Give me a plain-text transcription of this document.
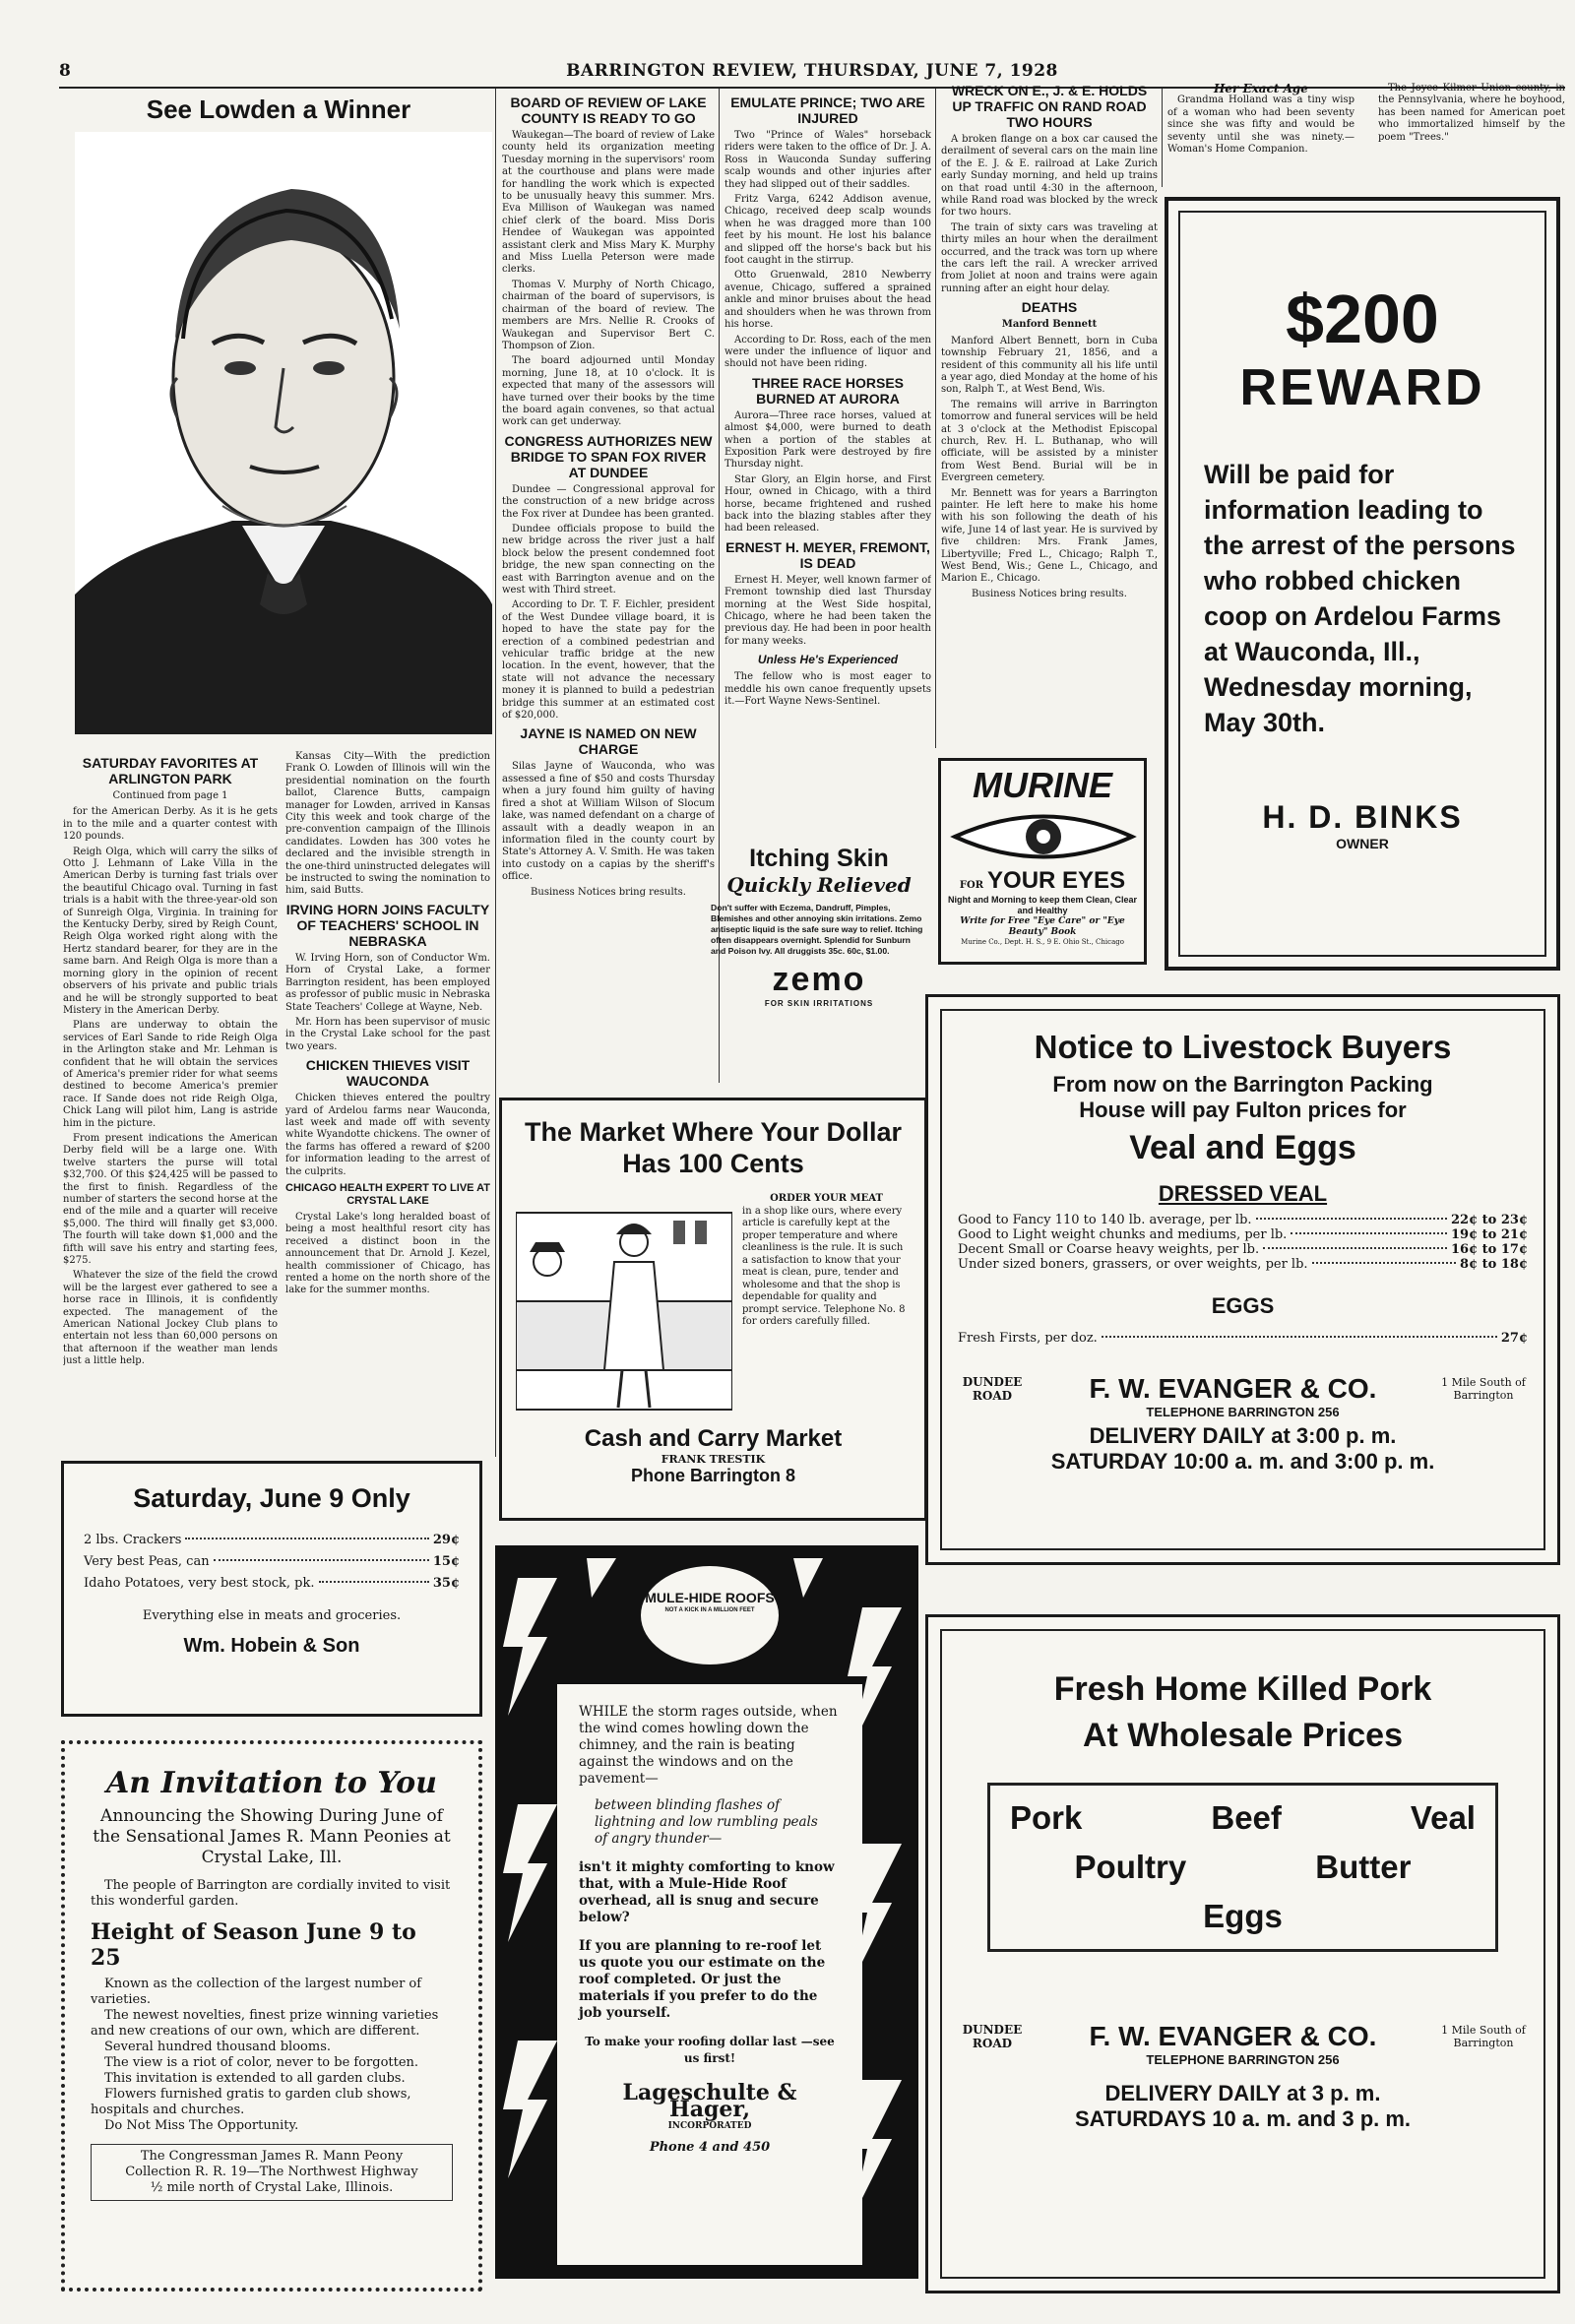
8	BARRINGTON REVIEW, THURSDAY, JUNE 7, 1928
See Lowden a Winner
SATURDAY FAVORITES AT ARLINGTON PARK
Continued from page 1

for the American Derby. As it is he gets in to the mile and a quarter contest with 120 pounds.

Reigh Olga, which will carry the silks of Otto J. Lehmann of Lake Villa in the American Derby is turning fast trials over the beautiful Chicago oval. Turning in fast trials is a habit with the three-year-old son of Sunreigh Olga, Virginia. In training for the Kentucky Derby, sired by Reigh Count, Reigh Olga worked right along with the Hertz standard bearer, for they are in the same barn. And Reigh Olga is more than a morning glory in the opinion of recent observers of his private and public trials and he will be strongly supported to beat Mistery in the American Derby.

Plans are underway to obtain the services of Earl Sande to ride Reigh Olga in the Arlington stake and Mr. Lehman is confident that he will obtain the services of America's premier rider for what seems destined to become America's premier race. If Sande does not ride Reigh Olga, Chick Lang will pilot him, Lang is astride him in the picture.

From present indications the American Derby field will be a large one. With twelve starters the purse will total $32,700. Of this $24,425 will be passed to the first to finish. Regardless of the number of starters the second horse at the end of the mile and a quarter will receive $5,000. The third will finally get $3,000. The fourth will take down $1,000 and the fifth will save his entry and starting fees, $275.

Whatever the size of the field the crowd will be the largest ever gathered to see a horse race in Illinois, it is confidently expected. The management of the American National Jockey Club plans to entertain not less than 60,000 persons on that afternoon if the weather man lends just a little help.

Kansas City—With the prediction Frank O. Lowden of Illinois will win the presidential nomination on the fourth ballot, Clarence Butts, campaign manager for Lowden, arrived in Kansas City this week and took charge of the pre-convention campaign of the Illinois candidates. Lowden has 300 votes he declared and the invisible strength in the one-third uninstructed delegates will be instructed to swing the nomination to him, said Butts.

IRVING HORN JOINS FACULTY OF TEACHERS' SCHOOL IN NEBRASKA

W. Irving Horn, son of Conductor Wm. Horn of Crystal Lake, a former Barrington resident, has been employed as professor of public music in Nebraska State Teachers' College at Wayne, Neb.

Mr. Horn has been supervisor of music in the Crystal Lake school for the past two years.

CHICKEN THIEVES VISIT WAUCONDA

Chicken thieves entered the poultry yard of Ardelou farms near Wauconda, last week and made off with seventy white Wyandotte chickens. The owner of the farms has offered a reward of $200 for information leading to the arrest of the culprits.

CHICAGO HEALTH EXPERT TO LIVE AT CRYSTAL LAKE

Crystal Lake's long heralded boast of being a most healthful resort city has received a distinct boon in the announcement that Dr. Arnold J. Kezel, health commissioner of Chicago, has rented a home on the north shore of the lake for the summer months.

BOARD OF REVIEW OF LAKE COUNTY IS READY TO GO

Waukegan—The board of review of Lake county held its organization meeting Tuesday morning in the supervisors' room at the courthouse and plans were made for handling the work which is expected to be unusually heavy this summer. Mrs. Eva Millison of Waukegan was named chief clerk of the board. Miss Doris Hendee of Waukegan was appointed assistant clerk and Miss Mary K. Murphy and Miss Luella Peterson were made clerks.

Thomas V. Murphy of North Chicago, chairman of the board of supervisors, is chairman of the board of review. The members are Mrs. Nellie R. Crooks of Waukegan and Supervisor Bert C. Thompson of Zion.

The board adjourned until Monday morning, June 18, at 10 o'clock. It is expected that many of the assessors will have turned over their books by the time the board again convenes, so that actual work can get underway.

CONGRESS AUTHORIZES NEW BRIDGE TO SPAN FOX RIVER AT DUNDEE

Dundee — Congressional approval for the construction of a new bridge across the Fox river at Dundee has been granted.

Dundee officials propose to build the new bridge across the river just a half block below the present condemned foot bridge, the new span connecting on the east with Barrington avenue and on the west with Third street.

According to Dr. T. F. Eichler, president of the West Dundee village board, it is hoped to have the state pay for the erection of a combined pedestrian and vehicular traffic bridge at the new location. In the event, however, that the state will not advance the necessary money it is planned to build a pedestrian bridge this summer at an estimated cost of $20,000.

JAYNE IS NAMED ON NEW CHARGE

Silas Jayne of Wauconda, who was assessed a fine of $50 and costs Thursday when a jury found him guilty of having fired a shot at William Wilson of Slocum lake, was named defendant on a charge of assault with a deadly weapon in an information filed in the county court by State's Attorney A. V. Smith. He was taken into custody on a capias by the sheriff's office.

Business Notices bring results.
EMULATE PRINCE; TWO ARE INJURED

Two "Prince of Wales" horseback riders were taken to the office of Dr. J. A. Ross in Wauconda Sunday suffering scalp wounds and other injuries after they had slipped out of their saddles.

Fritz Varga, 6242 Addison avenue, Chicago, received deep scalp wounds when he was dragged more than 100 feet by his mount. He lost his balance and slipped off the horse's back but his foot caught in the stirrup.

Otto Gruenwald, 2810 Newberry avenue, Chicago, suffered a sprained ankle and minor bruises about the head and shoulders when he was thrown from his horse.

According to Dr. Ross, each of the men were under the influence of liquor and should not have been riding.

THREE RACE HORSES BURNED AT AURORA

Aurora—Three race horses, valued at almost $4,000, were burned to death when a portion of the stables at Exposition Park were destroyed by fire Thursday night.

Star Glory, an Elgin horse, and First Hour, owned in Chicago, with a third horse, became frightened and rushed back into the blazing stables after they had been released.

ERNEST H. MEYER, FREMONT, IS DEAD

Ernest H. Meyer, well known farmer of Fremont township died last Thursday morning at the West Side hospital, Chicago, where he had been taken the previous day. He had been in poor health for many weeks.

Unless He's Experienced

The fellow who is most eager to meddle his own canoe frequently upsets it.—Fort Wayne News-Sentinel.

Itching Skin
Quickly Relieved
Don't suffer with Eczema, Dandruff, Pimples, Blemishes and other annoying skin irritations. Zemo antiseptic liquid is the safe sure way to relief. Itching often disappears overnight. Splendid for Sunburn and Poison Ivy. All druggists 35c. 60c, $1.00.
zemo
FOR SKIN IRRITATIONS
WRECK ON E., J. & E. HOLDS UP TRAFFIC ON RAND ROAD TWO HOURS

A broken flange on a box car caused the derailment of several cars on the main line of the E. J. & E. railroad at Lake Zurich early Sunday morning, and held up trains on that road until 4:30 in the afternoon, while Rand road was blocked by the wreck for two hours.

The train of sixty cars was traveling at thirty miles an hour when the derailment occurred, and the track was torn up where the cars left the rail. A wrecker arrived from Joliet at noon and trains were again running after an eight hour delay.

DEATHS
Manford Bennett

Manford Albert Bennett, born in Cuba township February 21, 1856, and a resident of this community all his life until a year ago, died Monday at the home of his son, Ralph T., at West Bend, Wis.

The remains will arrive in Barrington tomorrow and funeral services will be held at 3 o'clock at the Methodist Episcopal church, Rev. H. L. Buthanap, who will officiate, will be assisted by a minister from West Bend. Burial will be in Evergreen cemetery.

Mr. Bennett was for years a Barrington painter. He left here to make his home with his son following the death of his wife, June 14 of last year. He is survived by five children: Mrs. Frank James, Libertyville; Fred L., Chicago; Ralph T., West Bend, Wis.; Gene L., Chicago, and Marion E., Chicago.

Business Notices bring results.
MURINE
FOR YOUR EYES
Night and Morning to keep them Clean, Clear and Healthy
Write for Free "Eye Care" or "Eye Beauty" Book
Murine Co., Dept. H. S., 9 E. Ohio St., Chicago
Her Exact Age

Grandma Holland was a tiny wisp of a woman who had been seventy since she was fifty and would be seventy until she was ninety.—Woman's Home Companion.

The Joyce Kilmer Union county, in the Pennsylvania, where he boyhood, has been named for American poet who immortalized himself by the poem "Trees."

$200
REWARD
Will be paid for information leading to the arrest of the persons who robbed chicken coop on Ardelou Farms at Wauconda, Ill., Wednesday morning, May 30th.
H. D. BINKS
OWNER
The Market Where Your Dollar Has 100 Cents
ORDER YOUR MEAT
in a shop like ours, where every article is carefully kept at the proper temperature and where cleanliness is the rule. It is such a satisfaction to know that your meat is clean, pure, tender and wholesome and that the shop is dependable for quality and prompt service. Telephone No. 8 for orders carefully filled.
Cash and Carry Market
FRANK TRESTIK
Phone Barrington 8
Notice to Livestock Buyers
From now on the Barrington Packing House will pay Fulton prices for
Veal and Eggs
DRESSED VEAL
Good to Fancy 110 to 140 lb. average, per lb.	22¢ to 23¢
Good to Light weight chunks and mediums, per lb.	19¢ to 21¢
Decent Small or Coarse heavy weights, per lb.	16¢ to 17¢
Under sized boners, grassers, or over weights, per lb.	8¢ to 18¢
EGGS
Fresh Firsts, per doz.	27¢
DUNDEE ROAD	F. W. EVANGER & CO.	1 Mile South of Barrington
TELEPHONE BARRINGTON 256
DELIVERY DAILY at 3:00 p. m.
SATURDAY 10:00 a. m. and 3:00 p. m.
Saturday, June 9 Only
2 lbs. Crackers	29¢
Very best Peas, can	15¢
Idaho Potatoes, very best stock, pk.	35¢
Everything else in meats and groceries.
Wm. Hobein & Son
An Invitation to You
Announcing the Showing During June of the Sensational James R. Mann Peonies at Crystal Lake, Ill.
The people of Barrington are cordially invited to visit this wonderful garden.
Height of Season June 9 to 25
Known as the collection of the largest number of varieties.
The newest novelties, finest prize winning varieties and new creations of our own, which are different.
Several hundred thousand blooms.
The view is a riot of color, never to be forgotten.
This invitation is extended to all garden clubs.
Flowers furnished gratis to garden club shows, hospitals and churches.
Do Not Miss The Opportunity.
The Congressman James R. Mann Peony Collection R. R. 19—The Northwest Highway ½ mile north of Crystal Lake, Illinois.
MULE-HIDE ROOFS
NOT A KICK IN A MILLION FEET
WHILE the storm rages outside, when the wind comes howling down the chimney, and the rain is beating against the windows and on the pavement—
between blinding flashes of lightning and low rumbling peals of angry thunder—
isn't it mighty comforting to know that, with a Mule-Hide Roof overhead, all is snug and secure below?
If you are planning to re-roof let us quote you our estimate on the roof completed. Or just the materials if you prefer to do the job yourself.
To make your roofing dollar last —see us first!
Lageschulte & Hager,
INCORPORATED
Phone 4 and 450
Fresh Home Killed Pork
At Wholesale Prices
Pork	Beef	Veal
Poultry	Butter
Eggs
DUNDEE ROAD	F. W. EVANGER & CO.	1 Mile South of Barrington
TELEPHONE BARRINGTON 256
DELIVERY DAILY at 3 p. m.
SATURDAYS 10 a. m. and 3 p. m.
